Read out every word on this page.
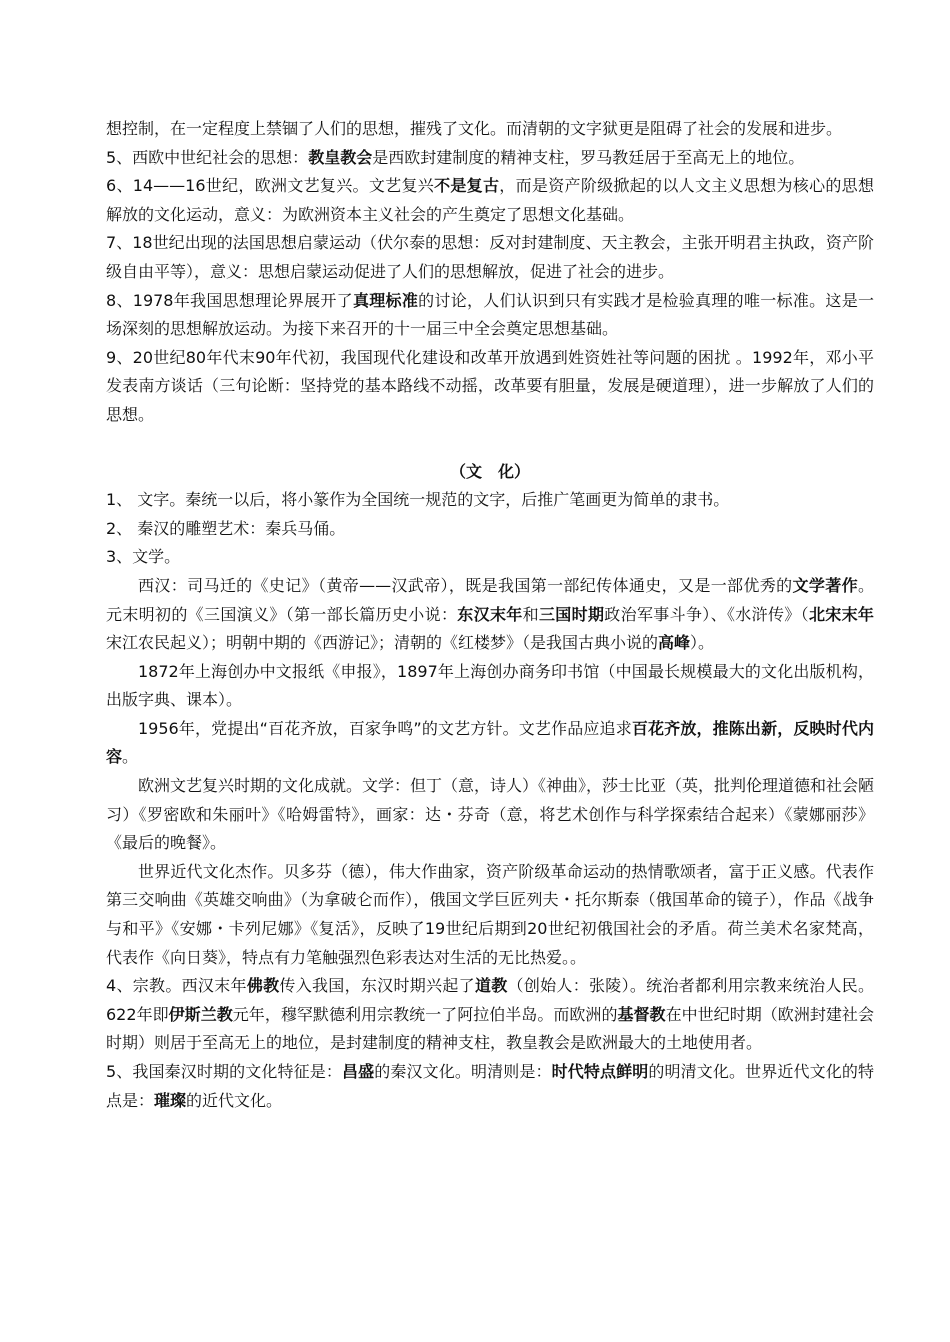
想控制，在一定程度上禁锢了人们的思想，摧残了文化。而清朝的文字狱更是阻碍了社会的发展和进步。

5、西欧中世纪社会的思想：教皇教会是西欧封建制度的精神支柱，罗马教廷居于至高无上的地位。

6、14——16世纪，欧洲文艺复兴。文艺复兴不是复古，而是资产阶级掀起的以人文主义思想为核心的思想解放的文化运动，意义：为欧洲资本主义社会的产生奠定了思想文化基础。

7、18世纪出现的法国思想启蒙运动（伏尔泰的思想：反对封建制度、天主教会，主张开明君主执政，资产阶级自由平等），意义：思想启蒙运动促进了人们的思想解放，促进了社会的进步。

8、1978年我国思想理论界展开了真理标准的讨论，人们认识到只有实践才是检验真理的唯一标准。这是一场深刻的思想解放运动。为接下来召开的十一届三中全会奠定思想基础。

9、20世纪80年代末90年代初，我国现代化建设和改革开放遇到姓资姓社等问题的困扰 。1992年，邓小平发表南方谈话（三句论断：坚持党的基本路线不动摇，改革要有胆量，发展是硬道理），进一步解放了人们的思想。

（文　化）

1、 文字。秦统一以后，将小篆作为全国统一规范的文字，后推广笔画更为简单的隶书。

2、 秦汉的雕塑艺术：秦兵马俑。

3、文学。

西汉：司马迁的《史记》（黄帝——汉武帝），既是我国第一部纪传体通史，又是一部优秀的文学著作。元末明初的《三国演义》（第一部长篇历史小说：东汉末年和三国时期政治军事斗争）、《水浒传》（北宋末年宋江农民起义）；明朝中期的《西游记》；清朝的《红楼梦》（是我国古典小说的高峰）。

1872年上海创办中文报纸《申报》，1897年上海创办商务印书馆（中国最长规模最大的文化出版机构，出版字典、课本）。

1956年，党提出“百花齐放，百家争鸣”的文艺方针。文艺作品应追求百花齐放，推陈出新，反映时代内容。

欧洲文艺复兴时期的文化成就。文学：但丁（意，诗人）《神曲》，莎士比亚（英，批判伦理道德和社会陋习）《罗密欧和朱丽叶》《哈姆雷特》，画家：达・芬奇（意，将艺术创作与科学探索结合起来）《蒙娜丽莎》《最后的晚餐》。

世界近代文化杰作。贝多芬（德），伟大作曲家，资产阶级革命运动的热情歌颂者，富于正义感。代表作第三交响曲《英雄交响曲》（为拿破仑而作），俄国文学巨匠列夫・托尔斯泰（俄国革命的镜子），作品《战争与和平》《安娜・卡列尼娜》《复活》，反映了19世纪后期到20世纪初俄国社会的矛盾。荷兰美术名家梵高，代表作《向日葵》，特点有力笔触强烈色彩表达对生活的无比热爱。。

4、宗教。西汉末年佛教传入我国，东汉时期兴起了道教（创始人：张陵）。统治者都利用宗教来统治人民。622年即伊斯兰教元年，穆罕默德利用宗教统一了阿拉伯半岛。而欧洲的基督教在中世纪时期（欧洲封建社会时期）则居于至高无上的地位，是封建制度的精神支柱，教皇教会是欧洲最大的土地使用者。

5、我国秦汉时期的文化特征是：昌盛的秦汉文化。明清则是：时代特点鲜明的明清文化。世界近代文化的特点是：璀璨的近代文化。
